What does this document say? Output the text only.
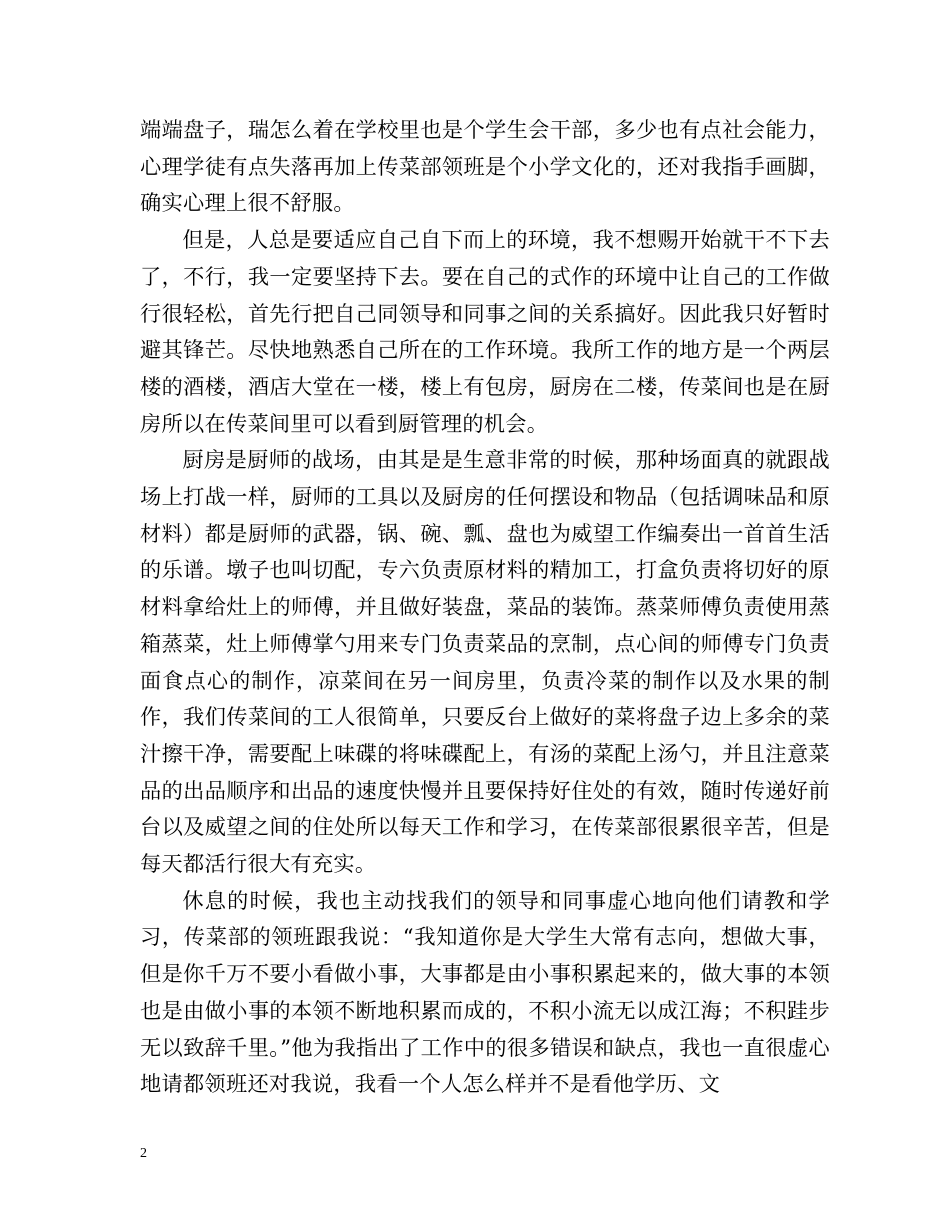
端端盘子，瑞怎么着在学校里也是个学生会干部，多少也有点社会能力，心理学徒有点失落再加上传菜部领班是个小学文化的，还对我指手画脚，确实心理上很不舒服。

但是，人总是要适应自己自下而上的环境，我不想赐开始就干不下去了，不行，我一定要坚持下去。要在自己的式作的环境中让自己的工作做行很轻松，首先行把自己同领导和同事之间的关系搞好。因此我只好暂时避其锋芒。尽快地熟悉自己所在的工作环境。我所工作的地方是一个两层楼的酒楼，酒店大堂在一楼，楼上有包房，厨房在二楼，传菜间也是在厨房所以在传菜间里可以看到厨管理的机会。

厨房是厨师的战场，由其是是生意非常的时候，那种场面真的就跟战场上打战一样，厨师的工具以及厨房的任何摆设和物品（包括调味品和原材料）都是厨师的武器，锅、碗、瓢、盘也为威望工作编奏出一首首生活的乐谱。墩子也叫切配，专六负责原材料的精加工，打盒负责将切好的原材料拿给灶上的师傅，并且做好装盘，菜品的装饰。蒸菜师傅负责使用蒸箱蒸菜，灶上师傅掌勺用来专门负责菜品的烹制，点心间的师傅专门负责面食点心的制作，凉菜间在另一间房里，负责冷菜的制作以及水果的制作，我们传菜间的工人很简单，只要反台上做好的菜将盘子边上多余的菜汁擦干净，需要配上味碟的将味碟配上，有汤的菜配上汤勺，并且注意菜品的出品顺序和出品的速度快慢并且要保持好住处的有效，随时传递好前台以及威望之间的住处所以每天工作和学习，在传菜部很累很辛苦，但是每天都活行很大有充实。

休息的时候，我也主动找我们的领导和同事虚心地向他们请教和学习，传菜部的领班跟我说：“我知道你是大学生大常有志向，想做大事，但是你千万不要小看做小事，大事都是由小事积累起来的，做大事的本领也是由做小事的本领不断地积累而成的，不积小流无以成江海；不积跬步无以致辞千里。”他为我指出了工作中的很多错误和缺点，我也一直很虚心地请都领班还对我说，我看一个人怎么样并不是看他学历、文

2
